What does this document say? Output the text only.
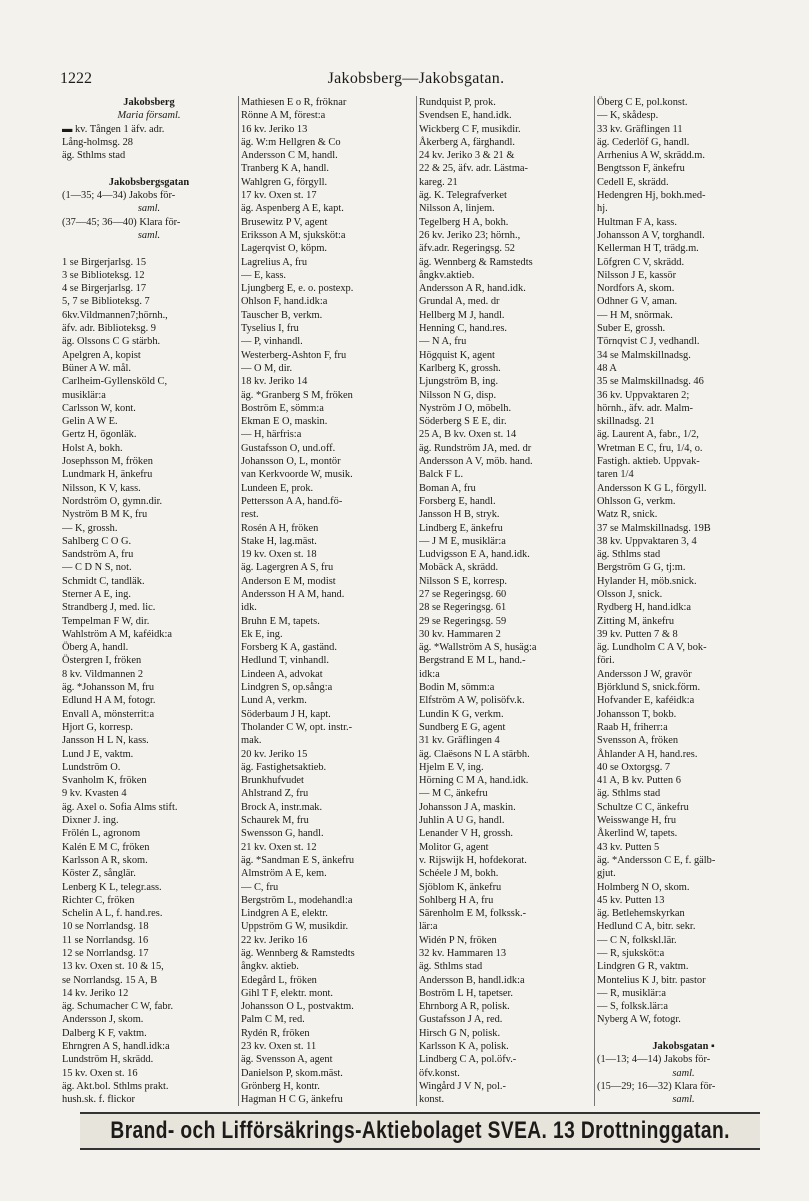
1222	Jakobsberg—Jakobsgatan.
Jakobsberg
Maria församl.
▬ kv. Tången 1 äfv. adr.
Lång-holmsg. 28
äg. Sthlms stad

Jakobsbergsgatan
(1—35; 4—34) Jakobs för-
saml.
(37—45; 36—40) Klara för-
saml.

1 se Birgerjarlsg. 15
3 se Biblioteksg. 12
4 se Birgerjarlsg. 17
5, 7 se Biblioteksg. 7
6kv.Vildmannen7;hörnh.,
äfv. adr. Biblioteksg. 9
äg. Olssons C G stärbh.
Apelgren A, kopist
Büner A W. mål.
Carlheim-Gyllensköld C,
musiklär:a
Carlsson W, kont.
Gelin A W E.
Gertz H, ögonläk.
Holst A, bokh.
Josephsson M, fröken
Lundmark H, änkefru
Nilsson, K V, kass.
Nordström O, gymn.dir.
Nyström B M K, fru
— K, grossh.
Sahlberg C O G.
Sandström A, fru
— C D N S, not.
Schmidt C, tandläk.
Sterner A E, ing.
Strandberg J, med. lic.
Tempelman F W, dir.
Wahlström A M, kaféidk:a
Öberg A, handl.
Östergren I, fröken
8 kv. Vildmannen 2
äg. *Johansson M, fru
Edlund H A M, fotogr.
Envall A, mönsterrit:a
Hjort G, korresp.
Jansson H L N, kass.
Lund J E, vaktm.
Lundström O.
Svanholm K, fröken
9 kv. Kvasten 4
äg. Axel o. Sofia Alms stift.
Dixner J. ing.
Frölén L, agronom
Kalén E M C, fröken
Karlsson A R, skom.
Köster Z, sånglär.
Lenberg K L, telegr.ass.
Richter C, fröken
Schelin A L, f. hand.res.
10 se Norrlandsg. 18
11 se Norrlandsg. 16
12 se Norrlandsg. 17
13 kv. Oxen st. 10 & 15,
se Norrlandsg. 15 A, B
14 kv. Jeriko 12
äg. Schumacher C W, fabr.
Andersson J, skom.
Dalberg K F, vaktm.
Ehrngren A S, handl.idk:a
Lundström H, skrädd.
15 kv. Oxen st. 16
äg. Akt.bol. Sthlms prakt.
hush.sk. f. flickor
Mathiesen E o R, fröknar
Rönne A M, förest:a
16 kv. Jeriko 13
äg. W:m Hellgren & Co
Andersson C M, handl.
Tranberg K A, handl.
Wahlgren G, förgyll.
17 kv. Oxen st. 17
äg. Aspenberg A E, kapt.
Brusewitz P V, agent
Eriksson A M, sjuksköt:a
Lagerqvist O, köpm.
Lagrelius A, fru
— E, kass.
Ljungberg E, e. o. postexp.
Ohlson F, hand.idk:a
Tauscher B, verkm.
Tyselius I, fru
— P, vinhandl.
Westerberg-Ashton F, fru
— O M, dir.
18 kv. Jeriko 14
äg. *Granberg S M, fröken
Boström E, sömm:a
Ekman E O, maskin.
— H, härfris:a
Gustafsson O, und.off.
Johansson O, L, montör
van Kerkvoorde W, musik.
Lundeen E, prok.
Pettersson A A, hand.fö-
rest.
Rosén A H, fröken
Stake H, lag.mäst.
19 kv. Oxen st. 18
äg. Lagergren A S, fru
Anderson E M, modist
Andersson H A M, hand.
idk.
Bruhn E M, tapets.
Ek E, ing.
Forsberg K A, gaständ.
Hedlund T, vinhandl.
Lindeen A, advokat
Lindgren S, op.sång:a
Lund A, verkm.
Söderbaum J H, kapt.
Tholander C W, opt. instr.-
mak.
20 kv. Jeriko 15
äg. Fastighetsaktieb.
Brunkhufvudet
Ahlstrand Z, fru
Brock A, instr.mak.
Schaurek M, fru
Swensson G, handl.
21 kv. Oxen st. 12
äg. *Sandman E S, änkefru
Almström A E, kem.
— C, fru
Bergström L, modehandl:a
Lindgren A E, elektr.
Uppström G W, musikdir.
22 kv. Jeriko 16
äg. Wennberg & Ramstedts
ångkv. aktieb.
Edegård L, fröken
Gihl T F, elektr. mont.
Johansson O L, postvaktm.
Palm C M, red.
Rydén R, fröken
23 kv. Oxen st. 11
äg. Svensson A, agent
Danielson P, skom.mäst.
Grönberg H, kontr.
Hagman H C G, änkefru
Rundquist P, prok.
Svendsen E, hand.idk.
Wickberg C F, musikdir.
Åkerberg A, färghandl.
24 kv. Jeriko 3 & 21 &
22 & 25, äfv. adr. Lästma-
kareg. 21
äg. K. Telegrafverket
Nilsson A, linjem.
Tegelberg H A, bokh.
26 kv. Jeriko 23; hörnh.,
äfv.adr. Regeringsg. 52
äg. Wennberg & Ramstedts
ångkv.aktieb.
Andersson A R, hand.idk.
Grundal A, med. dr
Hellberg M J, handl.
Henning C, hand.res.
— N A, fru
Högquist K, agent
Karlberg K, grossh.
Ljungström B, ing.
Nilsson N G, disp.
Nyström J O, möbelh.
Söderberg S E E, dir.
25 A, B kv. Oxen st. 14
äg. Rundström JA, med. dr
Andersson A V, möb. hand.
Balck F L.
Boman A, fru
Forsberg E, handl.
Jansson H B, stryk.
Lindberg E, änkefru
— J M E, musiklär:a
Ludvigsson E A, hand.idk.
Mobäck A, skrädd.
Nilsson S E, korresp.
27 se Regeringsg. 60
28 se Regeringsg. 61
29 se Regeringsg. 59
30 kv. Hammaren 2
äg. *Wallström A S, husäg:a
Bergstrand E M L, hand.-
idk:a
Bodin M, sömm:a
Elfström A W, polisöfv.k.
Lundin K G, verkm.
Sundberg E G, agent
31 kv. Gräflingen 4
äg. Claësons N L A stärbh.
Hjelm E V, ing.
Hörning C M A, hand.idk.
— M C, änkefru
Johansson J A, maskin.
Juhlin A U G, handl.
Lenander V H, grossh.
Molitor G, agent
v. Rijswijk H, hofdekorat.
Schéele J M, bokh.
Sjöblom K, änkefru
Sohlberg H A, fru
Särenholm E M, folkssk.-
lär:a
Widén P N, fröken
32 kv. Hammaren 13
äg. Sthlms stad
Andersson B, handl.idk:a
Boström L H, tapetser.
Ehrnborg A R, polisk.
Gustafsson J A, red.
Hirsch G N, polisk.
Karlsson K A, polisk.
Lindberg C A, pol.öfv.-
öfv.konst.
Wingård J V N, pol.-
konst.
Öberg C E, pol.konst.
— K, skådesp.
33 kv. Gräflingen 11
äg. Cederlöf G, handl.
Arrhenius A W, skrädd.m.
Bengtsson F, änkefru
Cedell E, skrädd.
Hedengren Hj, bokh.med-
hj.
Hultman F A, kass.
Johansson A V, torghandl.
Kellerman H T, trädg.m.
Löfgren C V, skrädd.
Nilsson J E, kassör
Nordfors A, skom.
Odhner G V, aman.
— H M, snörmak.
Suber E, grossh.
Törnqvist C J, vedhandl.
34 se Malmskillnadsg.
48 A
35 se Malmskillnadsg. 46
36 kv. Uppvaktaren 2;
hörnh., äfv. adr. Malm-
skillnadsg. 21
äg. Laurent A, fabr., 1/2,
Wretman E C, fru, 1/4, o.
Fastigh. aktieb. Uppvak-
taren 1/4
Andersson K G L, förgyll.
Ohlsson G, verkm.
Watz R, snick.
37 se Malmskillnadsg. 19B
38 kv. Uppvaktaren 3, 4
äg. Sthlms stad
Bergström G G, tj:m.
Hylander H, möb.snick.
Olsson J, snick.
Rydberg H, hand.idk:a
Zitting M, änkefru
39 kv. Putten 7 & 8
äg. Lundholm C A V, bok-
föri.
Andersson J W, gravör
Björklund S, snick.förm.
Hofvander E, kaféidk:a
Johansson T, bokb.
Raab H, friherr:a
Svensson A, fröken
Åhlander A H, hand.res.
40 se Oxtorgsg. 7
41 A, B kv. Putten 6
äg. Sthlms stad
Schultze C C, änkefru
Weisswange H, fru
Åkerlind W, tapets.
43 kv. Putten 5
äg. *Andersson C E, f. gälb-
gjut.
Holmberg N O, skom.
45 kv. Putten 13
äg. Betlehemskyrkan
Hedlund C A, bitr. sekr.
— C N, folkskl.lär.
— R, sjuksköt:a
Lindgren G R, vaktm.
Montelius K J, bitr. pastor
— R, musiklär:a
— S, folksk.lär:a
Nyberg A W, fotogr.

Jakobsgatan ▪
(1—13; 4—14) Jakobs för-
saml.
(15—29; 16—32) Klara för-
saml.

Brand- och Lifförsäkrings-Aktiebolaget SVEA. 13 Drottninggatan.
